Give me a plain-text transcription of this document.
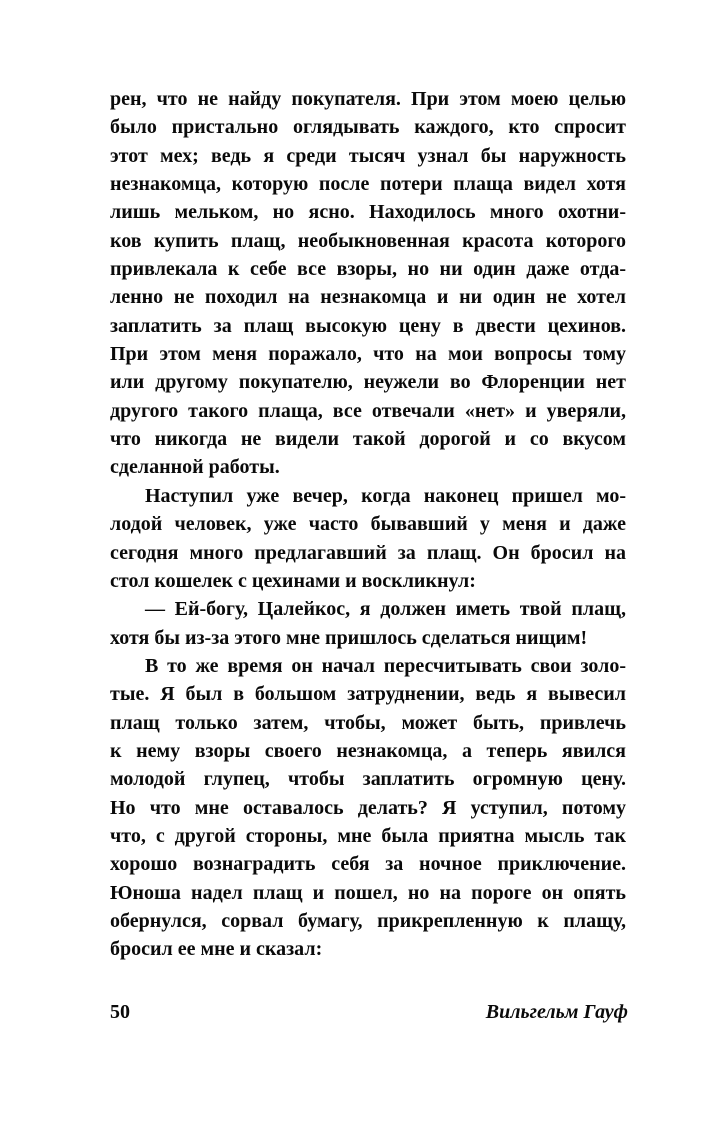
рен, что не найду покупателя. При этом моею целью
было пристально оглядывать каждого, кто спросит
этот мех; ведь я среди тысяч узнал бы наружность
незнакомца, которую после потери плаща видел хотя
лишь мельком, но ясно. Находилось много охотни-
ков купить плащ, необыкновенная красота которого
привлекала к себе все взоры, но ни один даже отда-
ленно не походил на незнакомца и ни один не хотел
заплатить за плащ высокую цену в двести цехинов.
При этом меня поражало, что на мои вопросы тому
или другому покупателю, неужели во Флоренции нет
другого такого плаща, все отвечали «нет» и уверяли,
что никогда не видели такой дорогой и со вкусом
сделанной работы.
Наступил уже вечер, когда наконец пришел мо-
лодой человек, уже часто бывавший у меня и даже
сегодня много предлагавший за плащ. Он бросил на
стол кошелек с цехинами и воскликнул:
— Ей-богу, Цалейкос, я должен иметь твой плащ,
хотя бы из-за этого мне пришлось сделаться нищим!
В то же время он начал пересчитывать свои золо-
тые. Я был в большом затруднении, ведь я вывесил
плащ только затем, чтобы, может быть, привлечь
к нему взоры своего незнакомца, а теперь явился
молодой глупец, чтобы заплатить огромную цену.
Но что мне оставалось делать? Я уступил, потому
что, с другой стороны, мне была приятна мысль так
хорошо вознаградить себя за ночное приключение.
Юноша надел плащ и пошел, но на пороге он опять
обернулся, сорвал бумагу, прикрепленную к плащу,
бросил ее мне и сказал:
50	Вильгельм Гауф
